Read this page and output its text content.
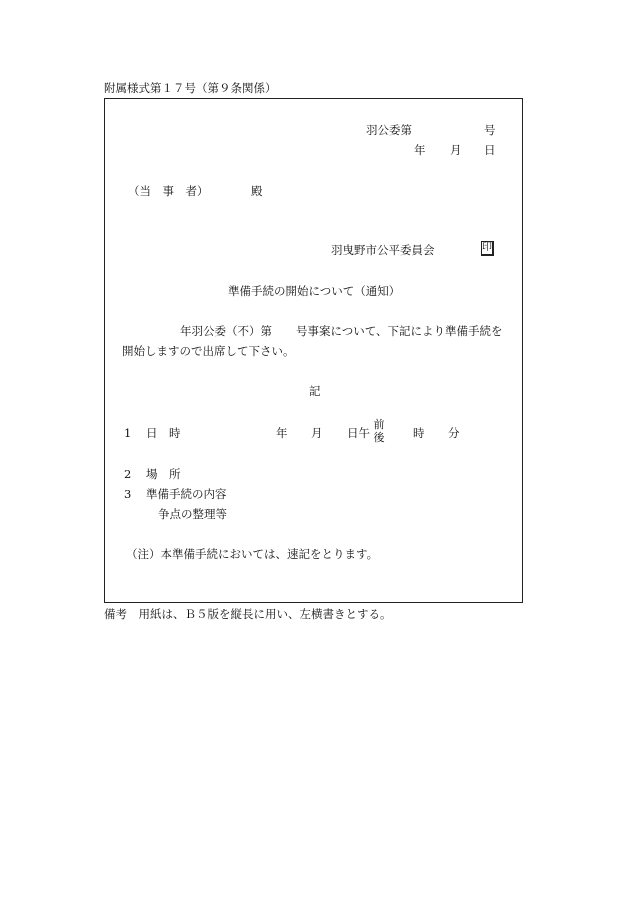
附属様式第１７号（第９条関係）
羽公委第	号
年 月 日
（当　事　者）	殿
羽曳野市公平委員会	印
準備手続の開始について（通知）
年羽公委（不）第 号事案について、下記により準備手続を
開始しますので出席して下さい。
記
1 日　時	年 月 日午
前
後 時 分
2 場　所
3 準備手続の内容
争点の整理等
（注）本準備手続においては、速記をとります。
備考　用紙は、Ｂ５版を縦長に用い、左横書きとする。
